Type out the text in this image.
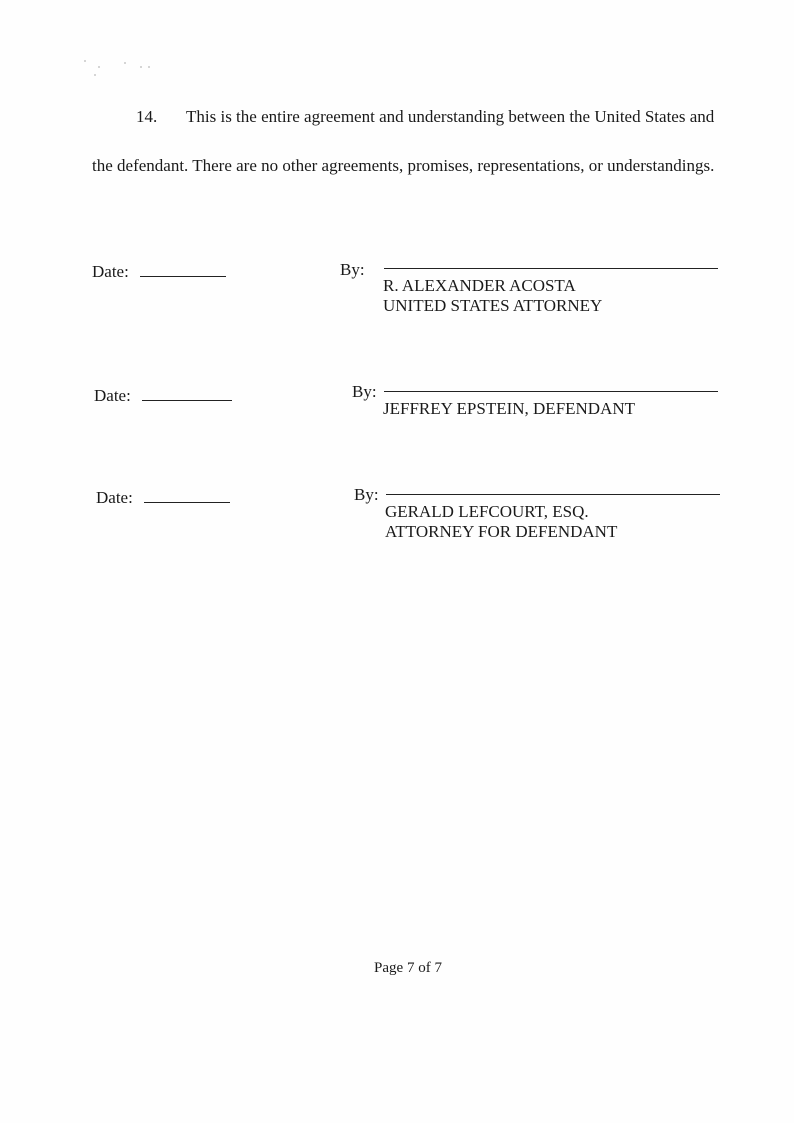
14. This is the entire agreement and understanding between the United States and
the defendant. There are no other agreements, promises, representations, or understandings.
Date:	By:
R. ALEXANDER ACOSTA
UNITED STATES ATTORNEY
Date:	By:
JEFFREY EPSTEIN, DEFENDANT
Date:	By:
GERALD LEFCOURT, ESQ.
ATTORNEY FOR DEFENDANT
Page 7 of 7
